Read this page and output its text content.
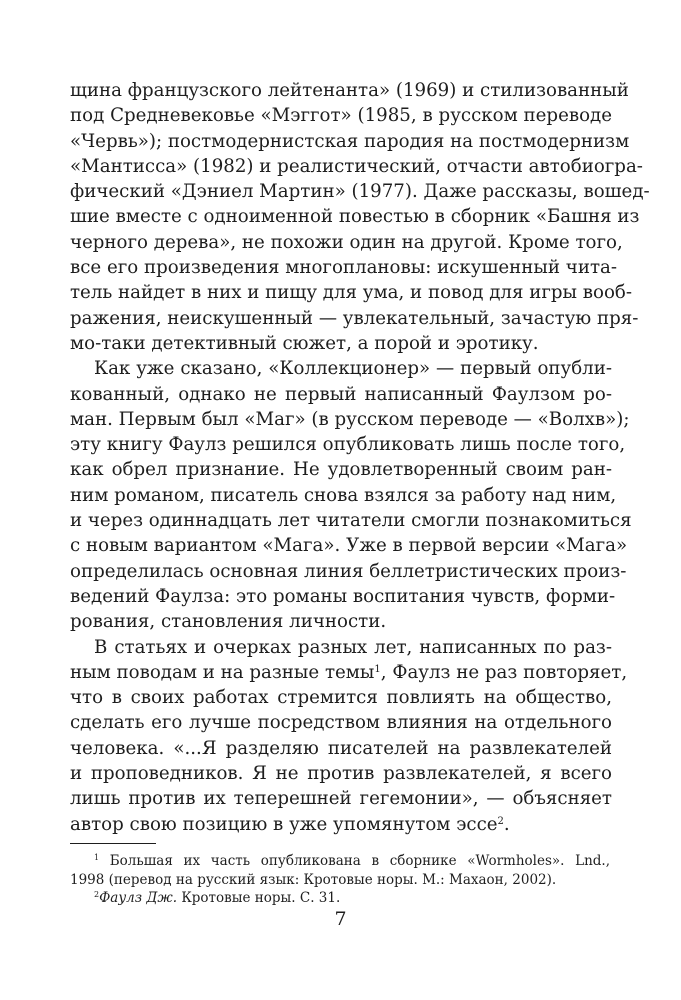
щина французского лейтенанта» (1969) и стилизованный
под Средневековье «Мэггот» (1985, в русском переводе
«Червь»); постмодернистская пародия на постмодернизм
«Мантисса» (1982) и реалистический, отчасти автобиогра-
фический «Дэниел Мартин» (1977). Даже рассказы, вошед-
шие вместе с одноименной повестью в сборник «Башня из
черного дерева», не похожи один на другой. Кроме того,
все его произведения многоплановы: искушенный чита-
тель найдет в них и пищу для ума, и повод для игры вооб-
ражения, неискушенный — увлекательный, зачастую пря-
мо-таки детективный сюжет, а порой и эротику.
Как уже сказано, «Коллекционер» — первый опубли-
кованный, однако не первый написанный Фаулзом ро-
ман. Первым был «Маг» (в русском переводе — «Волхв»);
эту книгу Фаулз решился опубликовать лишь после того,
как обрел признание. Не удовлетворенный своим ран-
ним романом, писатель снова взялся за работу над ним,
и через одиннадцать лет читатели смогли познакомиться
с новым вариантом «Мага». Уже в первой версии «Мага»
определилась основная линия беллетристических произ-
ведений Фаулза: это романы воспитания чувств, форми-
рования, становления личности.
В статьях и очерках разных лет, написанных по раз-
ным поводам и на разные темы$^1$, Фаулз не раз повторяет,
что в своих работах стремится повлиять на общество,
сделать его лучше посредством влияния на отдельного
человека. «...Я разделяю писателей на развлекателей
и проповедников. Я не против развлекателей, я всего
лишь против их теперешней гегемонии», — объясняет
автор свою позицию в уже упомянутом эссе$^2$.
$^1$ Большая их часть опубликована в сборнике «Wormholes». Lnd.,
1998 (перевод на русский язык: Кротовые норы. М.: Махаон, 2002).
$^2$Фаулз Дж. Кротовые норы. С. 31.
7
